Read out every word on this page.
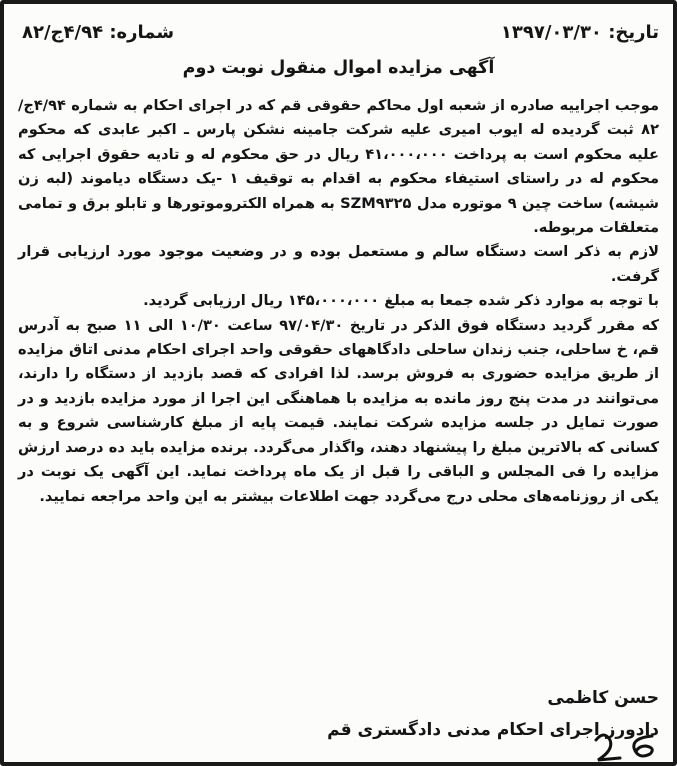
تاریخ: ۱۳۹۷/۰۳/۳۰
شماره: ۴/۹۴ج/۸۲
آگهی مزایده اموال منقول نوبت دوم

موجب اجراییه صادره از شعبه اول محاکم حقوقی قم که در اجرای احکام به شماره ۴/۹۴ج/۸۲ ثبت گردیده له ایوب امیری علیه شرکت جامینه نشکن پارس ـ اکبر عابدی که محکوم علیه محکوم است به پرداخت ۴۱،۰۰۰،۰۰۰ ریال در حق محکوم له و تادیه حقوق اجرایی که محکوم له در راستای استیفاء محکوم به اقدام به توقیف ۱ -یک دستگاه دیاموند (لبه زن شیشه) ساخت چین ۹ موتوره مدل SZM۹۳۲۵ به همراه الکتروموتورها و تابلو برق و تمامی متعلقات مربوطه.

لازم به ذکر است دستگاه سالم و مستعمل بوده و در وضعیت موجود مورد ارزیابی قرار گرفت.

با توجه به موارد ذکر شده جمعا به مبلغ ۱۴۵،۰۰۰،۰۰۰ ریال ارزیابی گردید.

که مقرر گردید دستگاه فوق الذکر در تاریخ ۹۷/۰۴/۳۰ ساعت ۱۰/۳۰ الی ۱۱ صبح به آدرس قم، خ ساحلی، جنب زندان ساحلی دادگاههای حقوقی واحد اجرای احکام مدنی اتاق مزایده از طریق مزایده حضوری به فروش برسد. لذا افرادی که قصد بازدید از دستگاه را دارند، می‌توانند در مدت پنج روز مانده به مزایده با هماهنگی این اجرا از مورد مزایده بازدید و در صورت تمایل در جلسه مزایده شرکت نمایند. قیمت پایه از مبلغ کارشناسی شروع و به کسانی که بالاترین مبلغ را پیشنهاد دهند، واگذار می‌گردد. برنده مزایده باید ده درصد ارزش مزایده را فی المجلس و الباقی را قبل از یک ماه پرداخت نماید. این آگهی یک نوبت در یکی از روزنامه‌های محلی درج می‌گردد جهت اطلاعات بیشتر به این واحد مراجعه نمایید.

حسن کاظمی
دادورز اجرای احکام مدنی دادگستری قم
